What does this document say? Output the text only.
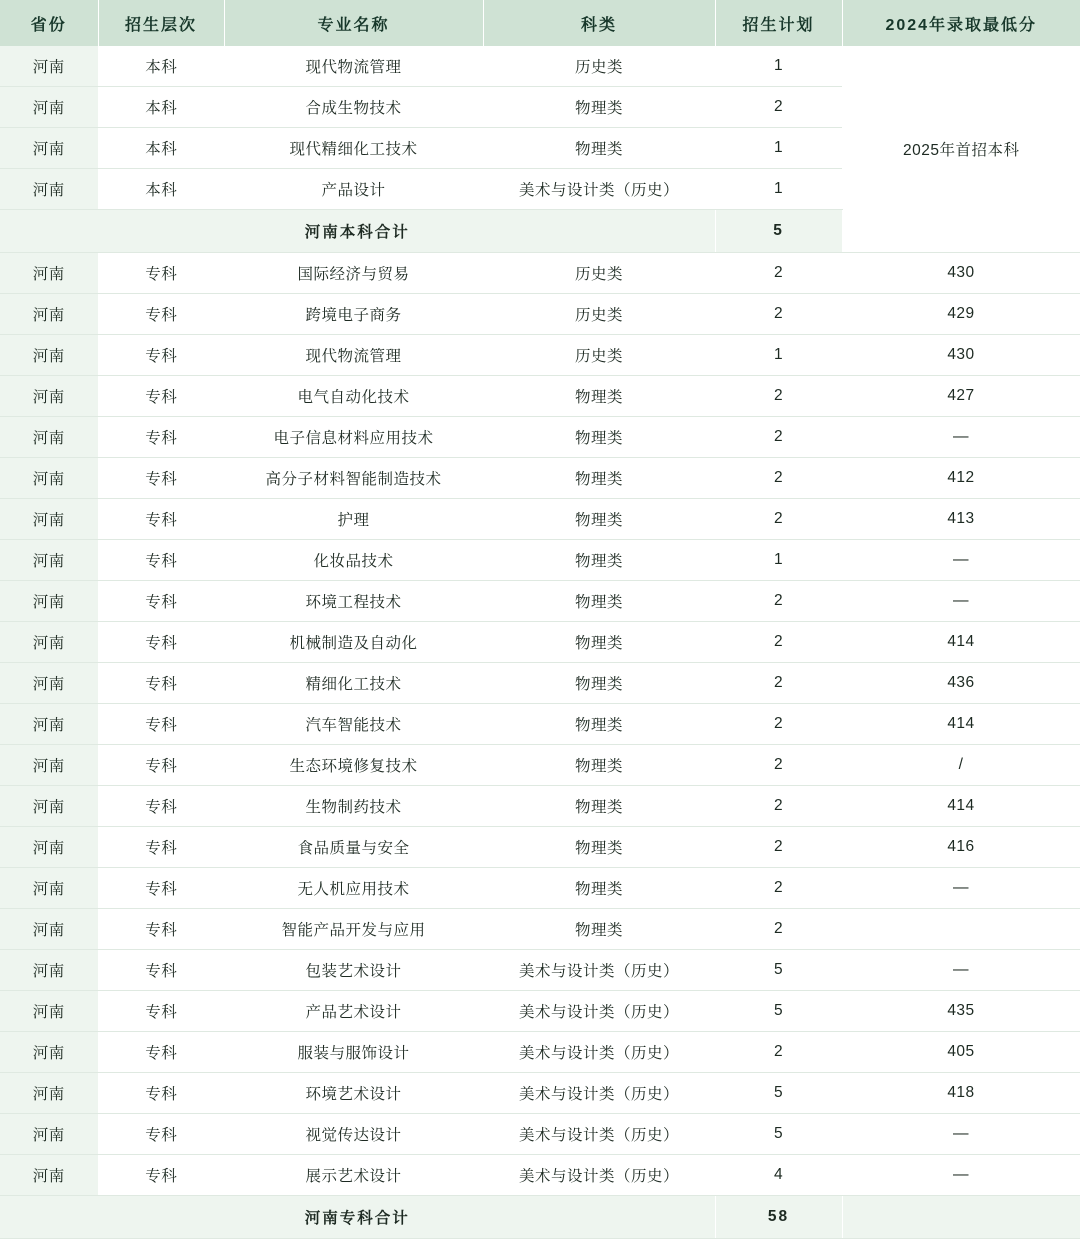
省份	招生层次	专业名称	科类	招生计划	2024年录取最低分
河南	本科	现代物流管理	历史类	1	2025年首招本科
河南	本科	合成生物技术	物理类	2	
河南	本科	现代精细化工技术	物理类	1	
河南	本科	产品设计	美术与设计类（历史）	1	
河南本科合计				5	
河南	专科	国际经济与贸易	历史类	2	430
河南	专科	跨境电子商务	历史类	2	429
河南	专科	现代物流管理	历史类	1	430
河南	专科	电气自动化技术	物理类	2	427
河南	专科	电子信息材料应用技术	物理类	2	—
河南	专科	高分子材料智能制造技术	物理类	2	412
河南	专科	护理	物理类	2	413
河南	专科	化妆品技术	物理类	1	—
河南	专科	环境工程技术	物理类	2	—
河南	专科	机械制造及自动化	物理类	2	414
河南	专科	精细化工技术	物理类	2	436
河南	专科	汽车智能技术	物理类	2	414
河南	专科	生态环境修复技术	物理类	2	/
河南	专科	生物制药技术	物理类	2	414
河南	专科	食品质量与安全	物理类	2	416
河南	专科	无人机应用技术	物理类	2	—
河南	专科	智能产品开发与应用	物理类	2	
河南	专科	包装艺术设计	美术与设计类（历史）	5	—
河南	专科	产品艺术设计	美术与设计类（历史）	5	435
河南	专科	服装与服饰设计	美术与设计类（历史）	2	405
河南	专科	环境艺术设计	美术与设计类（历史）	5	418
河南	专科	视觉传达设计	美术与设计类（历史）	5	—
河南	专科	展示艺术设计	美术与设计类（历史）	4	—
河南专科合计				58	
